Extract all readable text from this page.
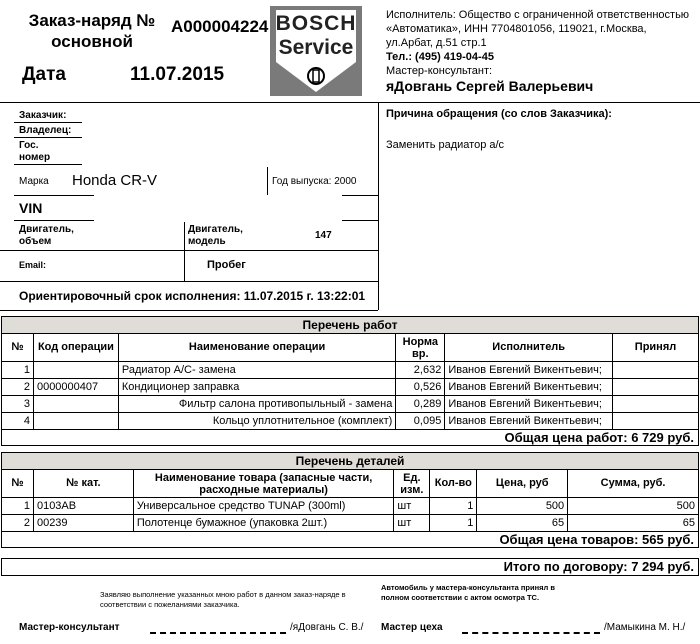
Заказ-наряд №
основной
A000004224
Дата	11.07.2015
BOSCH
Service
Исполнитель: Общество с ограниченной ответственностью «Автоматика», ИНН 7704801056, 119021, г.Москва, ул.Арбат, д.51 стр.1
Тел.: (495) 419-04-45
Мастер-консультант:
яДовгань Сергей Валерьевич
Заказчик:
Владелец:
Гос. номер
Марка Honda CR-V	Год выпуска: 2000
VIN
Двигатель, объем
Двигатель, модель
147
Email:	Пробег
Ориентировочный срок исполнения: 11.07.2015 г. 13:22:01
Причина обращения (со слов Заказчика):
Заменить радиатор а/с
Перечень работ					
№	Код операции	Наименование операции	Норма вр.	Исполнитель	Принял
1		Радиатор А/С- замена	2,632	Иванов Евгений Викентьевич;	
2	0000000407	Кондиционер заправка	0,526	Иванов Евгений Викентьевич;	
3		Фильтр салона противопыльный - замена	0,289	Иванов Евгений Викентьевич;	
4		Кольцо уплотнительное (комплект)	0,095	Иванов Евгений Викентьевич;	
Общая цена работ: 6 729 руб.					
Перечень деталей						
№	№ кат.	Наименование товара (запасные части, расходные материалы)	Ед. изм.	Кол-во	Цена, руб	Сумма, руб.
1	0103AB	Универсальное средство TUNAP (300ml)	шт	1	500	500
2	00239	Полотенце бумажное (упаковка 2шт.)	шт	1	65	65
Общая цена товаров: 565 руб.						
Итого по договору: 7 294 руб.
Заявляю выполнение указанных мною работ в данном заказ-наряде в соответствии с пожеланиями заказчика.
Автомобиль у мастера-консультанта принял в полном соответствии с актом осмотра ТС.
Мастер-консультант	/яДовгань С. В./ Мастер цеха	/Мамыкина М. Н./
